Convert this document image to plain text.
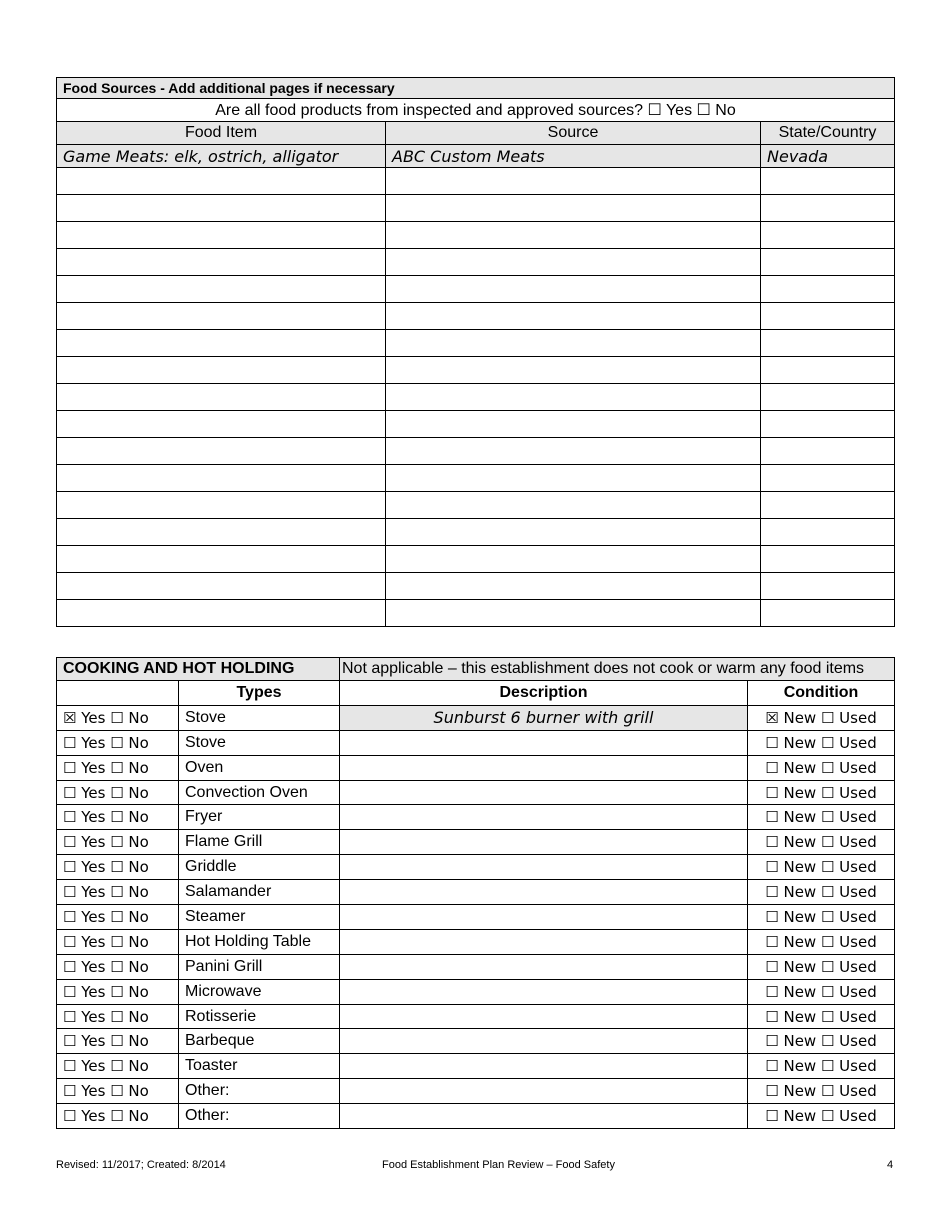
Food Sources - Add additional pages if necessary		
Are all food products from inspected and approved sources? ☐ Yes ☐ No		
Food Item	Source	State/Country
Game Meats: elk, ostrich, alligator	ABC Custom Meats	Nevada

COOKING AND HOT HOLDING		Not applicable – this establishment does not cook or warm any food items	
	Types	Description	Condition
☒ Yes ☐ No	Stove	Sunburst 6 burner with grill	☒ New ☐ Used
☐ Yes ☐ No	Stove		☐ New ☐ Used
☐ Yes ☐ No	Oven		☐ New ☐ Used
☐ Yes ☐ No	Convection Oven		☐ New ☐ Used
☐ Yes ☐ No	Fryer		☐ New ☐ Used
☐ Yes ☐ No	Flame Grill		☐ New ☐ Used
☐ Yes ☐ No	Griddle		☐ New ☐ Used
☐ Yes ☐ No	Salamander		☐ New ☐ Used
☐ Yes ☐ No	Steamer		☐ New ☐ Used
☐ Yes ☐ No	Hot Holding Table		☐ New ☐ Used
☐ Yes ☐ No	Panini Grill		☐ New ☐ Used
☐ Yes ☐ No	Microwave		☐ New ☐ Used
☐ Yes ☐ No	Rotisserie		☐ New ☐ Used
☐ Yes ☐ No	Barbeque		☐ New ☐ Used
☐ Yes ☐ No	Toaster		☐ New ☐ Used
☐ Yes ☐ No	Other:		☐ New ☐ Used
☐ Yes ☐ No	Other:		☐ New ☐ Used
Revised: 11/2017; Created: 8/2014	Food Establishment Plan Review – Food Safety	4
